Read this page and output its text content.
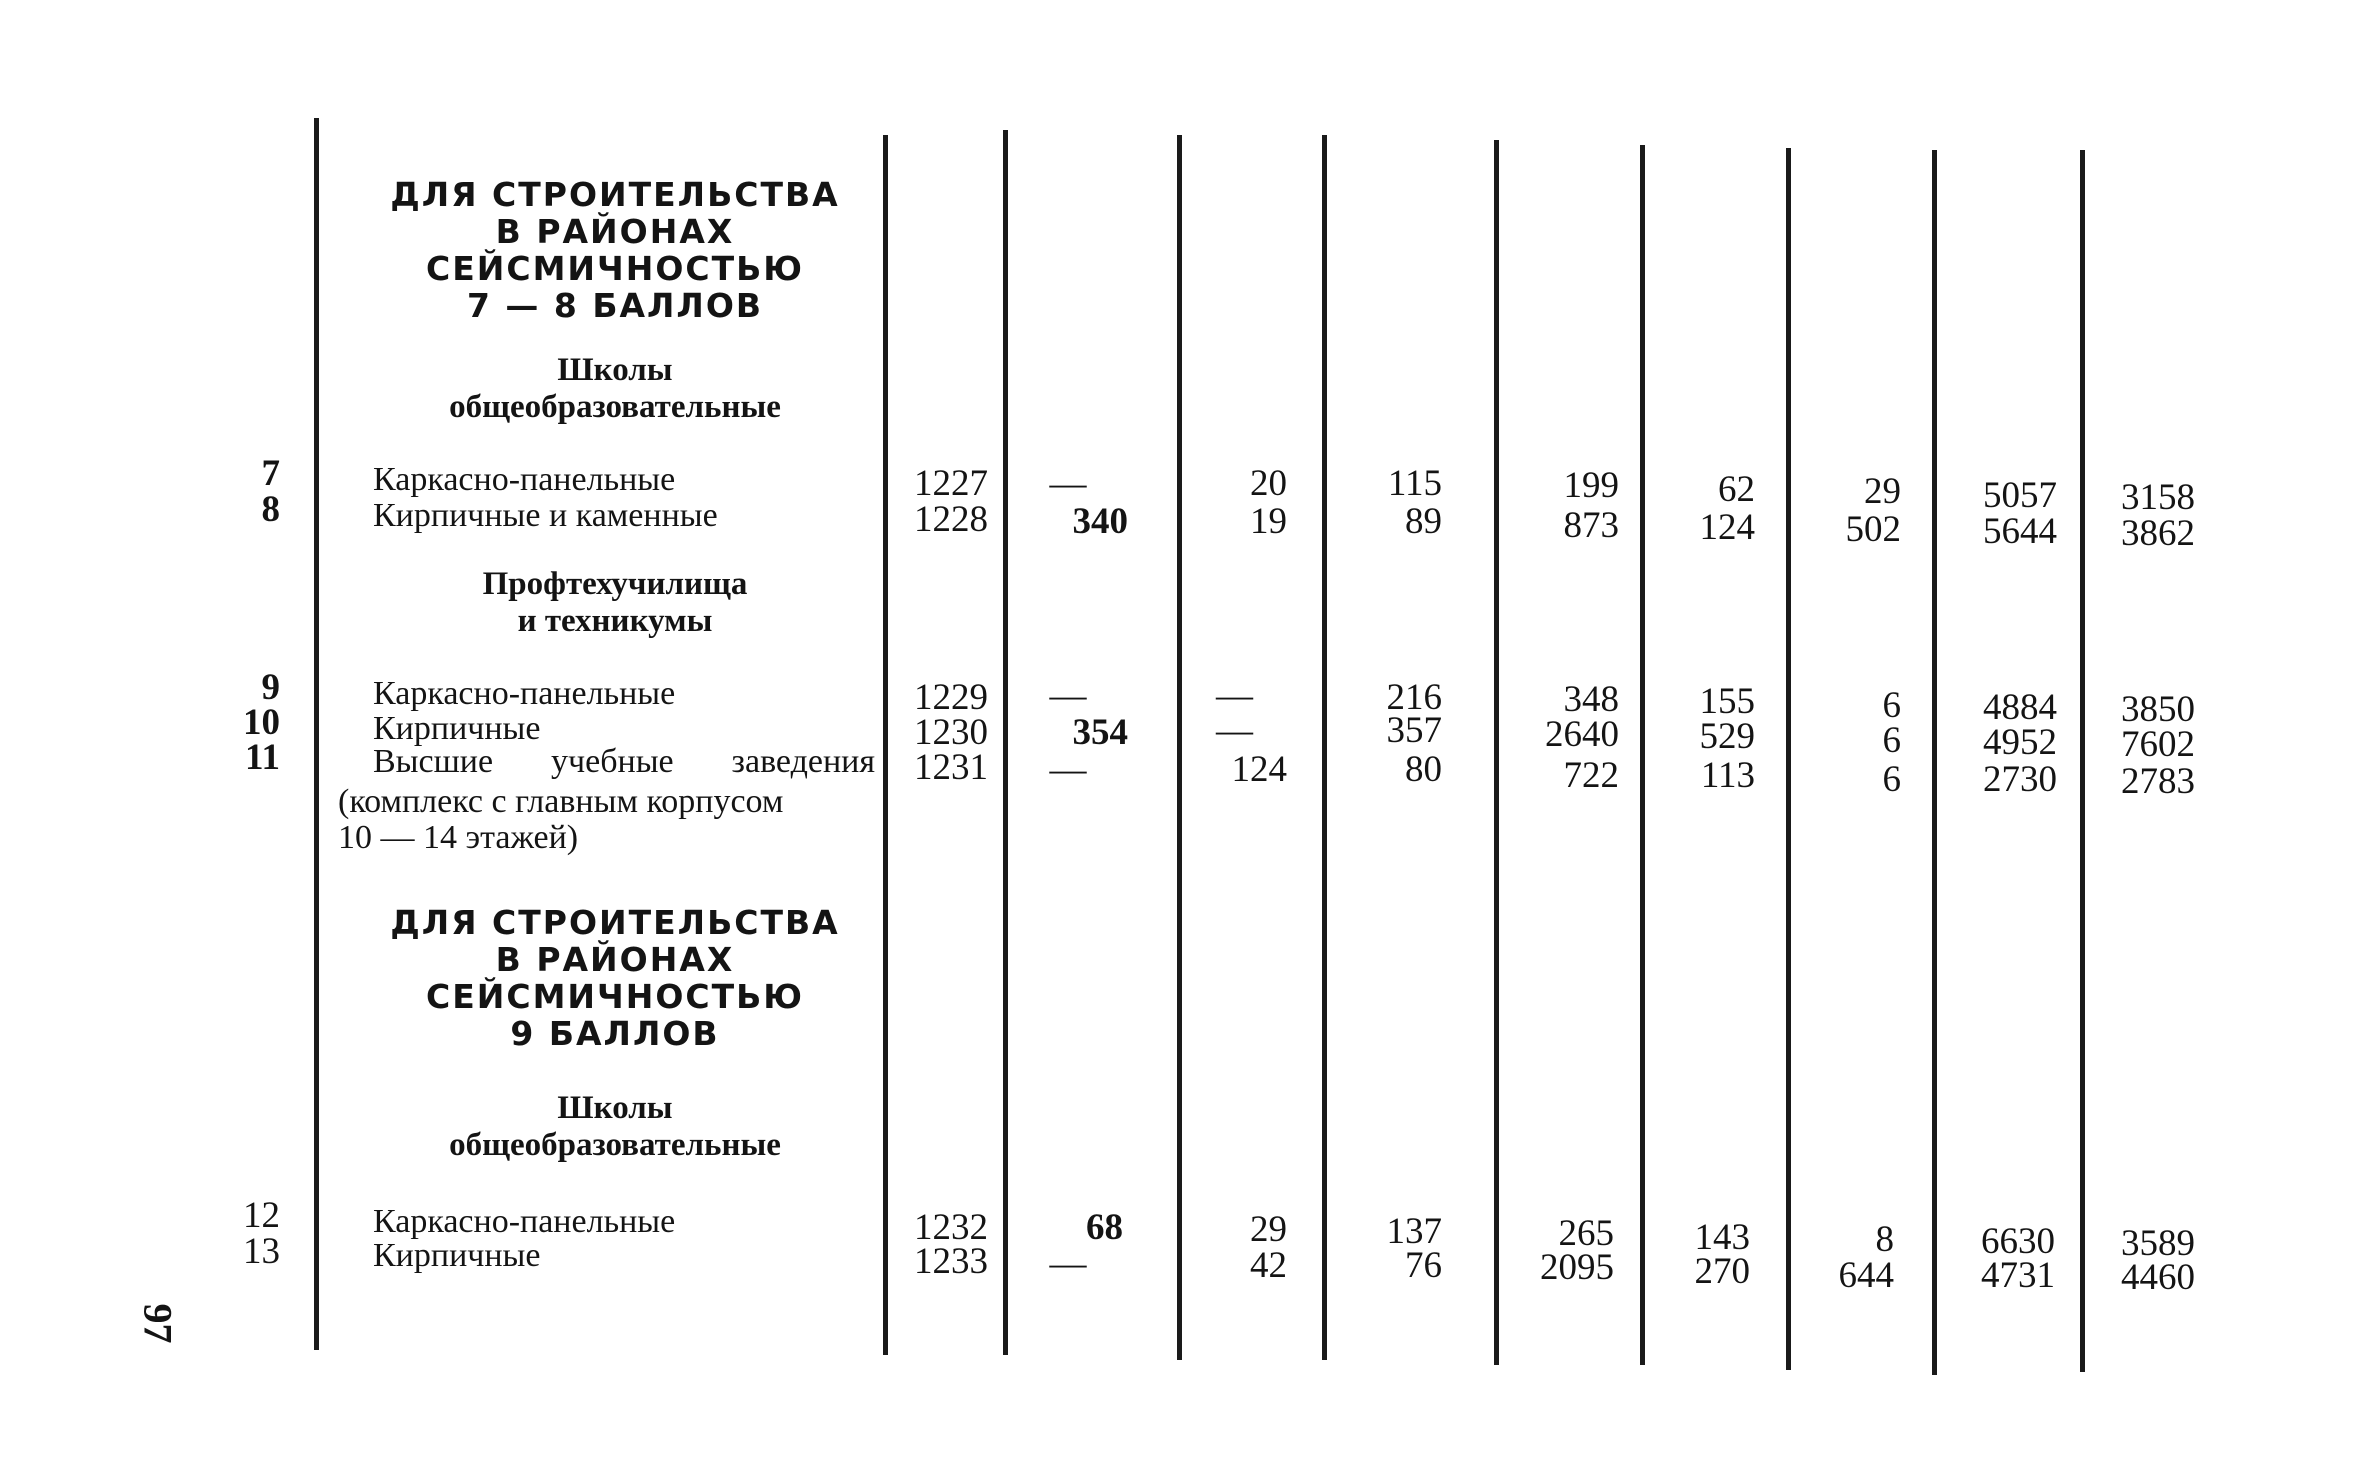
ДЛЯ СТРОИТЕЛЬСТВА
В РАЙОНАХ
СЕЙСМИЧНОСТЬЮ
7 — 8 БАЛЛОВ
Школы
общеобразовательные
7	Каркасно-панельные	1227	—	20	115	199	62	29	5057	3158
8	Кирпичные и каменные	1228	340	19	89	873	124	502	5644	3862
Профтехучилища
и техникумы
9	Каркасно-панельные	1229	—	—	216	348	155	6	4884	3850
10	Кирпичные	1230	354	—	357	2640	529	6	4952	7602
11	Высшие учебные заведения	1231	—	124	80	722	113	6	2730	2783
(комплекс с главным корпусом
10 — 14 этажей)
ДЛЯ СТРОИТЕЛЬСТВА
В РАЙОНАХ
СЕЙСМИЧНОСТЬЮ
9 БАЛЛОВ
Школы
общеобразовательные
12	Каркасно-панельные	1232	68	29	137	265	143	8	6630	3589
13	Кирпичные	1233	—	42	76	2095	270	644	4731	4460
97
